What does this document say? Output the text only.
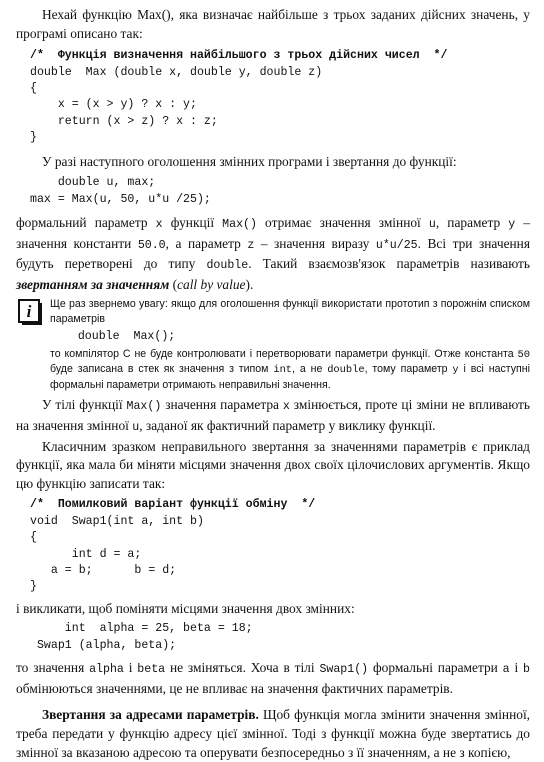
Нехай функцію Max(), яка визначає найбільше з трьох заданих дійсних значень, у програмі описано так:

/*  Функція визначення найбільшого з трьох дійсних чисел  */
double  Max (double x, double y, double z)
{
x = (x > y) ? x : y;
return (x > z) ? x : z;
}

У разі наступного оголошення змінних програми і звертання до функції:

double u, max;
max = Max(u, 50, u*u /25);

формальний параметр x функції Max() отримає значення змінної u, параметр y – значення константи 50.0, а параметр z – значення виразу u*u/25. Всі три значення будуть перетворені до типу double. Такий взаємозв'язок параметрів називають звертанням за значенням (call by value).

i	Ще раз звернемо увагу: якщо для оголошення функції використати прототип з порожнім списком параметрів

double  Max();

то компілятор С не буде контролювати і перетворювати параметри функції. Отже константа 50 буде записана в стек як значення з типом int, а не double, тому параметр y і всі наступні формальні параметри отримають неправильні значення.

У тілі функції Max() значення параметра x змінюється, проте ці зміни не впливають на значення змінної u, заданої як фактичний параметр у виклику функції.

Класичним зразком неправильного звертання за значеннями параметрів є приклад функції, яка мала би міняти місцями значення двох своїх цілочислових аргументів. Якщо цю функцію записати так:

/*  Помилковий варіант функції обміну  */
void  Swap1(int a, int b)
{
int d = a;
a = b;      b = d;
}

і викликати, щоб поміняти місцями значення двох змінних:

int  alpha = 25, beta = 18;
Swap1 (alpha, beta);

то значення alpha і beta не зміняться. Хоча в тілі Swap1() формальні параметри a і b обмінюються значеннями, це не впливає на значення фактичних параметрів.

Звертання за адресами параметрів. Щоб функція могла змінити значення змінної, треба передати у функцію адресу цієї змінної. Тоді з функції можна буде звертатись до змінної за вказаною адресою та оперувати безпосередньо з її значенням, а не з копією,
